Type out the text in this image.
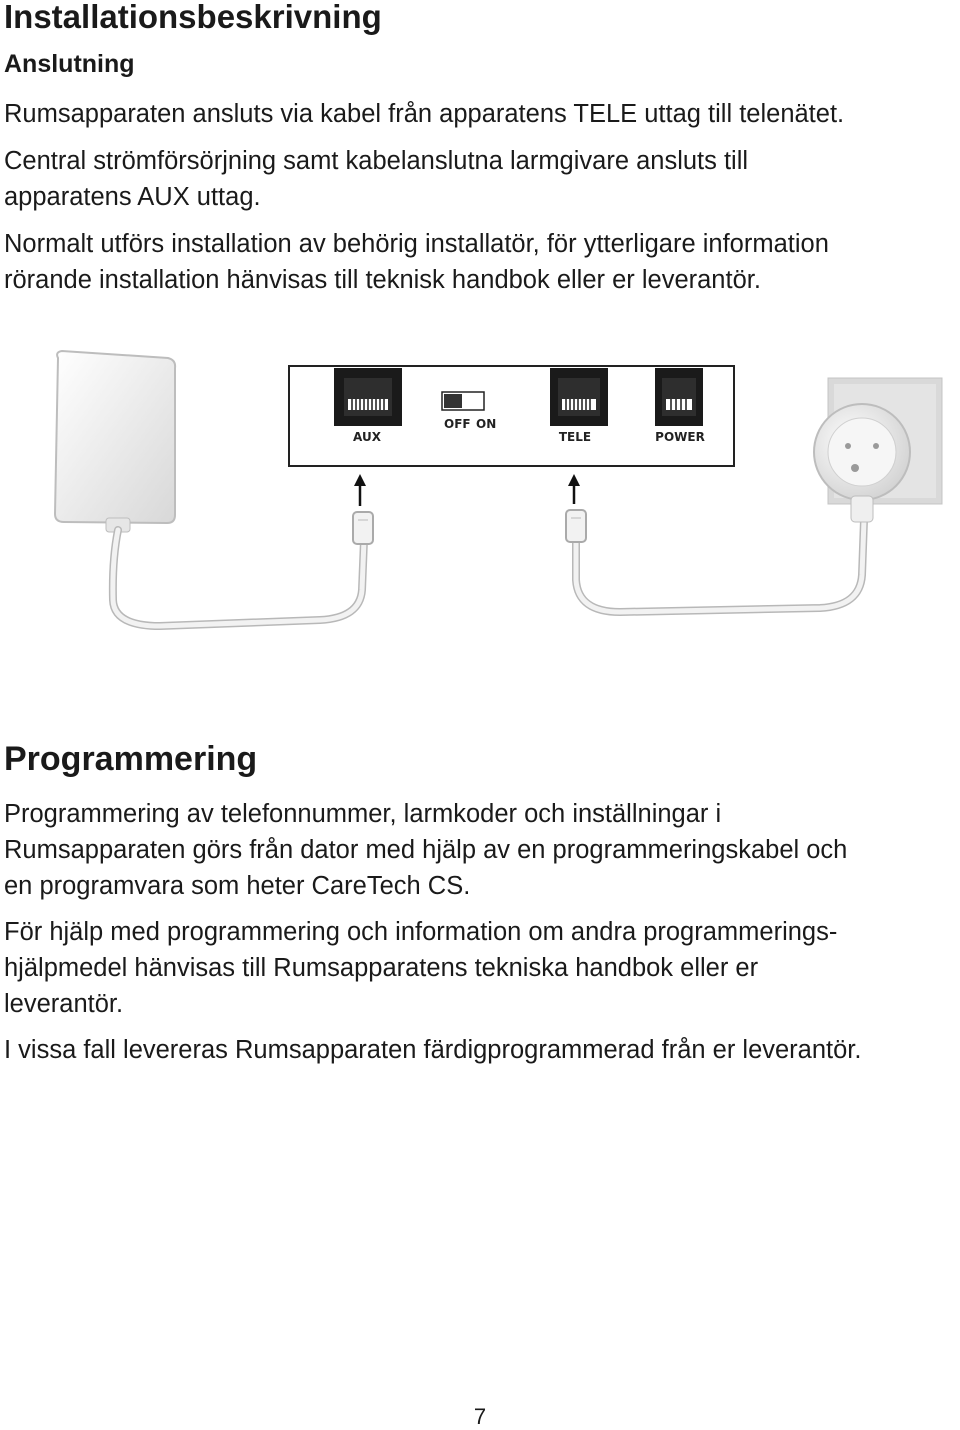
Installationsbeskrivning
Anslutning

Rumsapparaten ansluts via kabel från apparatens TELE uttag till telenätet.

Central strömförsörjning samt kabelanslutna larmgivare ansluts till

apparatens AUX uttag.

Normalt utförs installation av behörig installatör, för ytterligare information

rörande installation hänvisas till teknisk handbok eller er leverantör.

AUX
OFF ON
TELE	POWER
Programmering

Programmering av telefonnummer, larmkoder och inställningar i

Rumsapparaten görs från dator med hjälp av en programmeringskabel och

en programvara som heter CareTech CS.

För hjälp med programmering och information om andra programmerings-

hjälpmedel hänvisas till Rumsapparatens tekniska handbok eller er

leverantör.

I vissa fall levereras Rumsapparaten färdigprogrammerad från er leverantör.

7
